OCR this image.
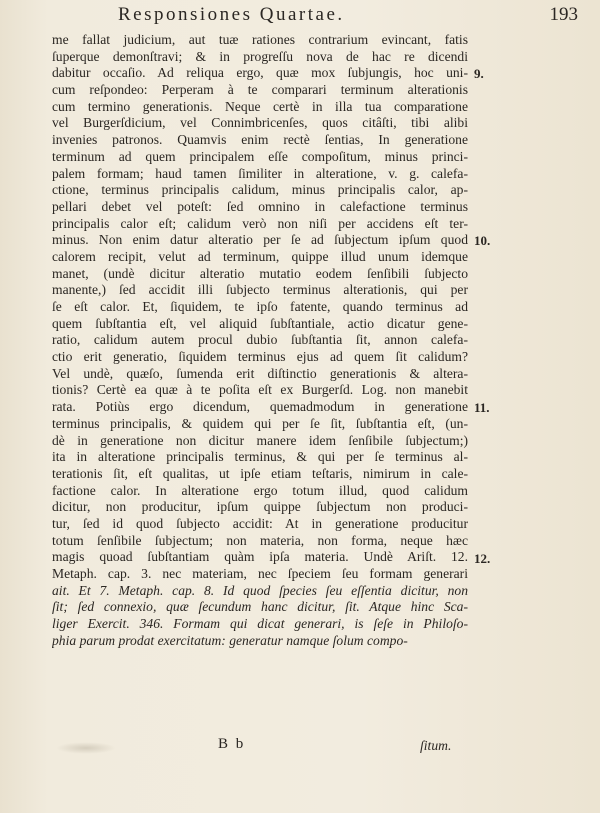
Responsiones Quartae.	193
me fallat judicium, aut tuæ rationes contrarium evincant, fatis
ſuperque demonſtravi; & in progreſſu nova de hac re dicendi
dabitur occaſio. Ad reliqua ergo, quæ mox ſubjungis, hoc uni-
cum reſpondeo: Perperam à te comparari terminum alterationis
cum termino generationis. Neque certè in illa tua comparatione
vel Burgerſdicium, vel Connimbricenſes, quos citâſti, tibi alibi
invenies patronos. Quamvis enim rectè ſentias, In generatione
terminum ad quem principalem eſſe compoſitum, minus princi-
palem formam; haud tamen ſimiliter in alteratione, v. g. calefa-
ctione, terminus principalis calidum, minus principalis calor, ap-
pellari debet vel poteſt: ſed omnino in calefactione terminus
principalis calor eſt; calidum verò non niſi per accidens eſt ter-
minus. Non enim datur alteratio per ſe ad ſubjectum ipſum quod
calorem recipit, velut ad terminum, quippe illud unum idemque
manet, (undè dicitur alteratio mutatio eodem ſenſibili ſubjecto
manente,) ſed accidit illi ſubjecto terminus alterationis, qui per
ſe eſt calor. Et, ſiquidem, te ipſo fatente, quando terminus ad
quem ſubſtantia eſt, vel aliquid ſubſtantiale, actio dicatur gene-
ratio, calidum autem procul dubio ſubſtantia ſit, annon calefa-
ctio erit generatio, ſiquidem terminus ejus ad quem ſit calidum?
Vel undè, quæſo, ſumenda erit diſtinctio generationis & altera-
tionis? Certè ea quæ à te poſita eſt ex Burgerſd. Log. non manebit
rata. Potiùs ergo dicendum, quemadmodum in generatione
terminus principalis, & quidem qui per ſe ſit, ſubſtantia eſt, (un-
dè in generatione non dicitur manere idem ſenſibile ſubjectum;)
ita in alteratione principalis terminus, & qui per ſe terminus al-
terationis ſit, eſt qualitas, ut ipſe etiam teſtaris, nimirum in cale-
factione calor. In alteratione ergo totum illud, quod calidum
dicitur, non producitur, ipſum quippe ſubjectum non produci-
tur, ſed id quod ſubjecto accidit: At in generatione producitur
totum ſenſibile ſubjectum; non materia, non forma, neque hæc
magis quoad ſubſtantiam quàm ipſa materia. Undè Ariſt. 12.
Metaph. cap. 3. nec materiam, nec ſpeciem ſeu formam generari
ait. Et 7. Metaph. cap. 8. Id quod ſpecies ſeu eſſentia dicitur, non
ſit; ſed connexio, quæ ſecundum hanc dicitur, ſit. Atque hinc Sca-
liger Exercit. 346. Formam qui dicat generari, is ſeſe in Philoſo-
phia parum prodat exercitatum: generatur namque ſolum compo-
9.
10.
11.
12.
B b	ſitum.
